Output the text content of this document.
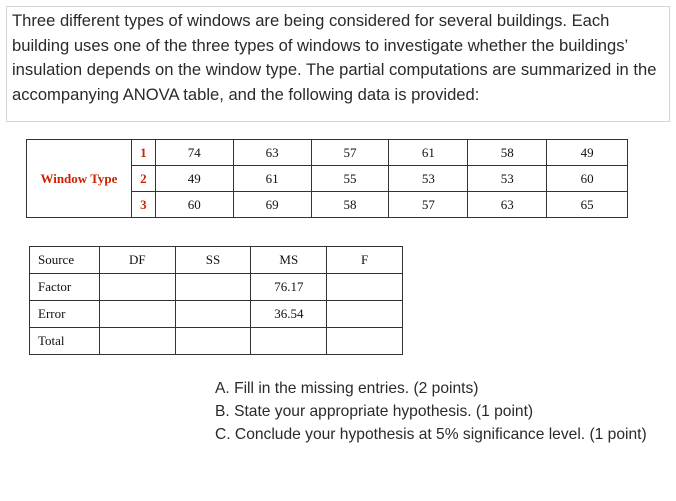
Three different types of windows are being considered for several buildings. Each building uses one of the three types of windows to investigate whether the buildings’ insulation depends on the window type. The partial computations are summarized in the accompanying ANOVA table, and the following data is provided:

Window Type	1	74	63	57	61	58	49
	2	49	61	55	53	53	60
	3	60	69	58	57	63	65
Source	DF	SS	MS	F
Factor			76.17	
Error			36.54	
Total				
A. Fill in the missing entries. (2 points)
B. State your appropriate hypothesis. (1 point)
C. Conclude your hypothesis at 5% significance level. (1 point)
